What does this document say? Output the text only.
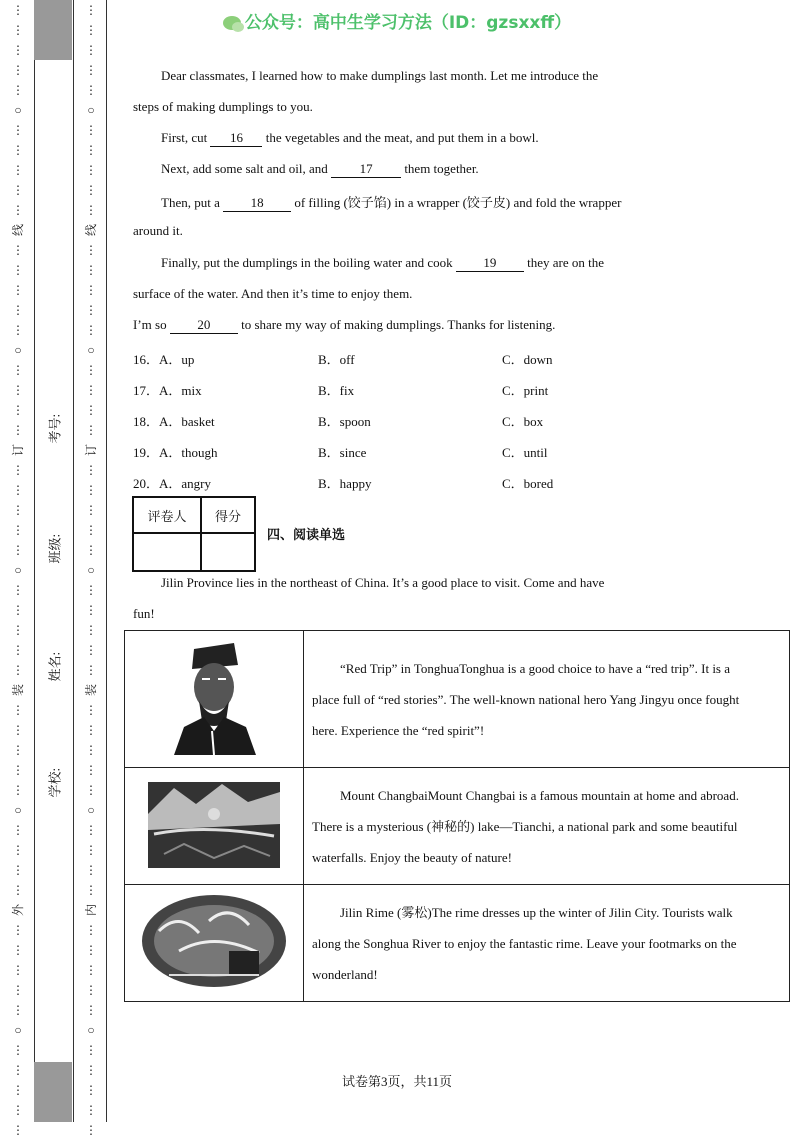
⋮
⋮
⋮
⋮
⋮
○
⋮
⋮
⋮
⋮
⋮
线
⋮
⋮
⋮
⋮
⋮
○
⋮
⋮
⋮
⋮
订
⋮
⋮
⋮
⋮
⋮
○
⋮
⋮
⋮
⋮
⋮
装
⋮
⋮
⋮
⋮
⋮
○
⋮
⋮
⋮
⋮
外
⋮
⋮
⋮
⋮
⋮
○
⋮
⋮
⋮
⋮
⋮
⋮
⋮
⋮
⋮
⋮
○
⋮
⋮
⋮
⋮
⋮
线
⋮
⋮
⋮
⋮
⋮
○
⋮
⋮
⋮
⋮
订
⋮
⋮
⋮
⋮
⋮
○
⋮
⋮
⋮
⋮
⋮
装
⋮
⋮
⋮
⋮
⋮
○
⋮
⋮
⋮
⋮
内
⋮
⋮
⋮
⋮
⋮
○
⋮
⋮
⋮
⋮
⋮
考号:
班级:
姓名:
学校:
公众号：高中生学习方法（ID：gzsxxff）

Dear classmates, I learned how to make dumplings last month. Let me introduce the

steps of making dumplings to you.

First, cut 16 the vegetables and the meat, and put them in a bowl.

Next, add some salt and oil, and 17 them together.

Then, put a 18 of filling (饺子馅) in a wrapper (饺子皮) and fold the wrapper

around it.

Finally, put the dumplings in the boiling water and cook 19 they are on the

surface of the water. And then it’s time to enjoy them.

I’m so 20 to share my way of making dumplings. Thanks for listening.

16．A．up	B．off	C．down
17．A．mix	B．fix	C．print
18．A．basket	B．spoon	C．box
19．A．though	B．since	C．until
20．A．angry	B．happy	C．bored
评卷人	得分

四、阅读单选

Jilin Province lies in the northeast of China. It’s a good place to visit. Come and have

fun!

“Red Trip” in TonghuaTonghua is a good choice to have a “red trip”. It is a
place full of “red stories”. The well-known national hero Yang Jingyu once fought
here. Experience the “red spirit”!

Mount ChangbaiMount Changbai is a famous mountain at home and abroad.
There is a mysterious (神秘的) lake—Tianchi, a national park and some beautiful
waterfalls. Enjoy the beauty of nature!

Jilin Rime (雾松)The rime dresses up the winter of Jilin City. Tourists walk
along the Songhua River to enjoy the fantastic rime. Leave your footmarks on the
wonderland!
试卷第3页，共11页
